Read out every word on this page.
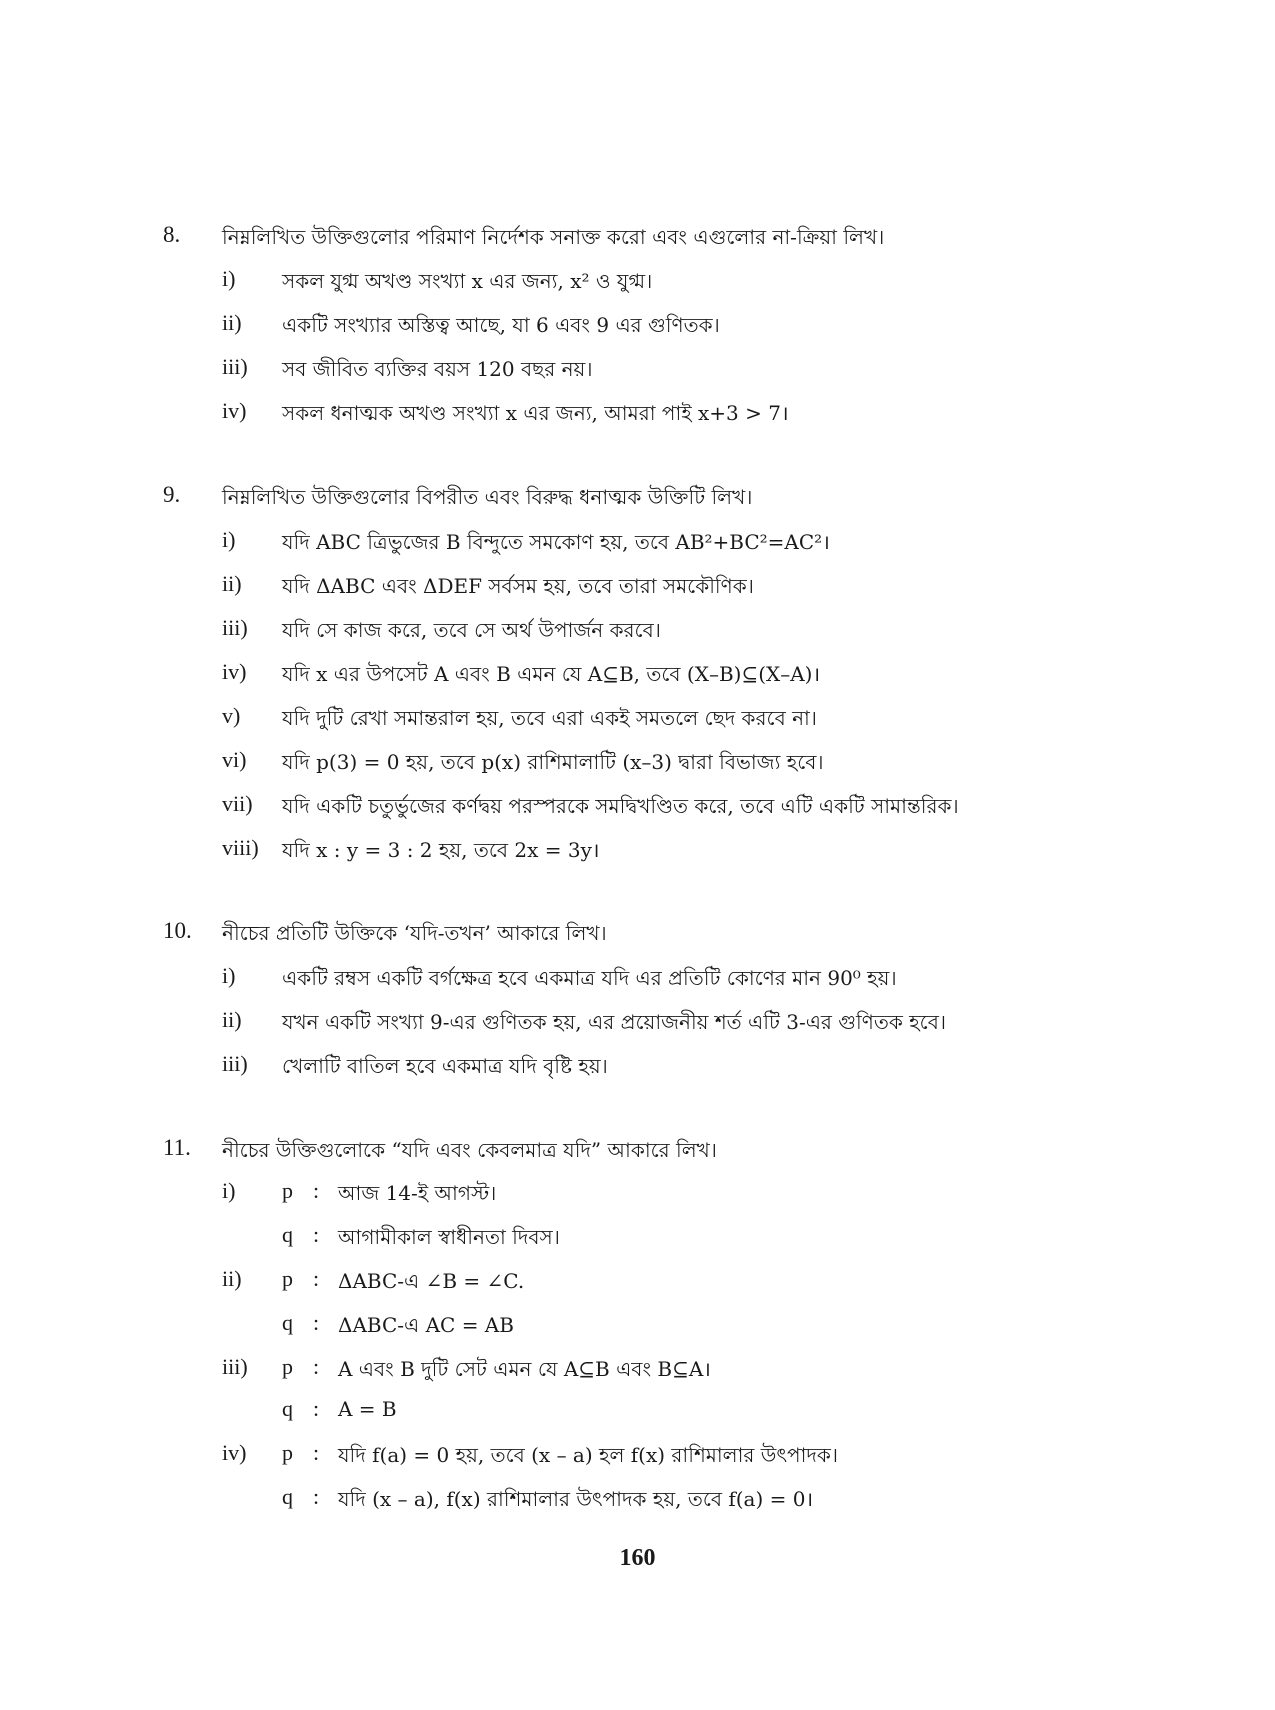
8. নিম্নলিখিত উক্তিগুলোর পরিমাণ নির্দেশক সনাক্ত করো এবং এগুলোর না-ক্রিয়া লিখ।
i) সকল যুগ্ম অখণ্ড সংখ্যা x এর জন্য, x² ও যুগ্ম।
ii) একটি সংখ্যার অস্তিত্ব আছে, যা 6 এবং 9 এর গুণিতক।
iii) সব জীবিত ব্যক্তির বয়স 120 বছর নয়।
iv) সকল ধনাত্মক অখণ্ড সংখ্যা x এর জন্য, আমরা পাই x+3 > 7।
9. নিম্নলিখিত উক্তিগুলোর বিপরীত এবং বিরুদ্ধ ধনাত্মক উক্তিটি লিখ।
i) যদি ABC ত্রিভুজের B বিন্দুতে সমকোণ হয়, তবে AB²+BC²=AC²।
ii) যদি ΔABC এবং ΔDEF সর্বসম হয়, তবে তারা সমকৌণিক।
iii) যদি সে কাজ করে, তবে সে অর্থ উপার্জন করবে।
iv) যদি x এর উপসেট A এবং B এমন যে A⊆B, তবে (X–B)⊆(X–A)।
v) যদি দুটি রেখা সমান্তরাল হয়, তবে এরা একই সমতলে ছেদ করবে না।
vi) যদি p(3) = 0 হয়, তবে p(x) রাশিমালাটি (x–3) দ্বারা বিভাজ্য হবে।
vii) যদি একটি চতুর্ভুজের কর্ণদ্বয় পরস্পরকে সমদ্বিখণ্ডিত করে, তবে এটি একটি সামান্তরিক।
viii) যদি x : y = 3 : 2 হয়, তবে 2x = 3y।
10. নীচের প্রতিটি উক্তিকে ‘যদি-তখন’ আকারে লিখ।
i) একটি রম্বস একটি বর্গক্ষেত্র হবে একমাত্র যদি এর প্রতিটি কোণের মান 90⁰ হয়।
ii) যখন একটি সংখ্যা 9-এর গুণিতক হয়, এর প্রয়োজনীয় শর্ত এটি 3-এর গুণিতক হবে।
iii) খেলাটি বাতিল হবে একমাত্র যদি বৃষ্টি হয়।
11. নীচের উক্তিগুলোকে “যদি এবং কেবলমাত্র যদি” আকারে লিখ।
i) p : আজ 14-ই আগস্ট।
q : আগামীকাল স্বাধীনতা দিবস।
ii) p : ΔABC-এ ∠B = ∠C.
q : ΔABC-এ AC = AB
iii) p : A এবং B দুটি সেট এমন যে A⊆B এবং B⊆A।
q : A = B
iv) p : যদি f(a) = 0 হয়, তবে (x – a) হল f(x) রাশিমালার উৎপাদক।
q : যদি (x – a), f(x) রাশিমালার উৎপাদক হয়, তবে f(a) = 0।
160
